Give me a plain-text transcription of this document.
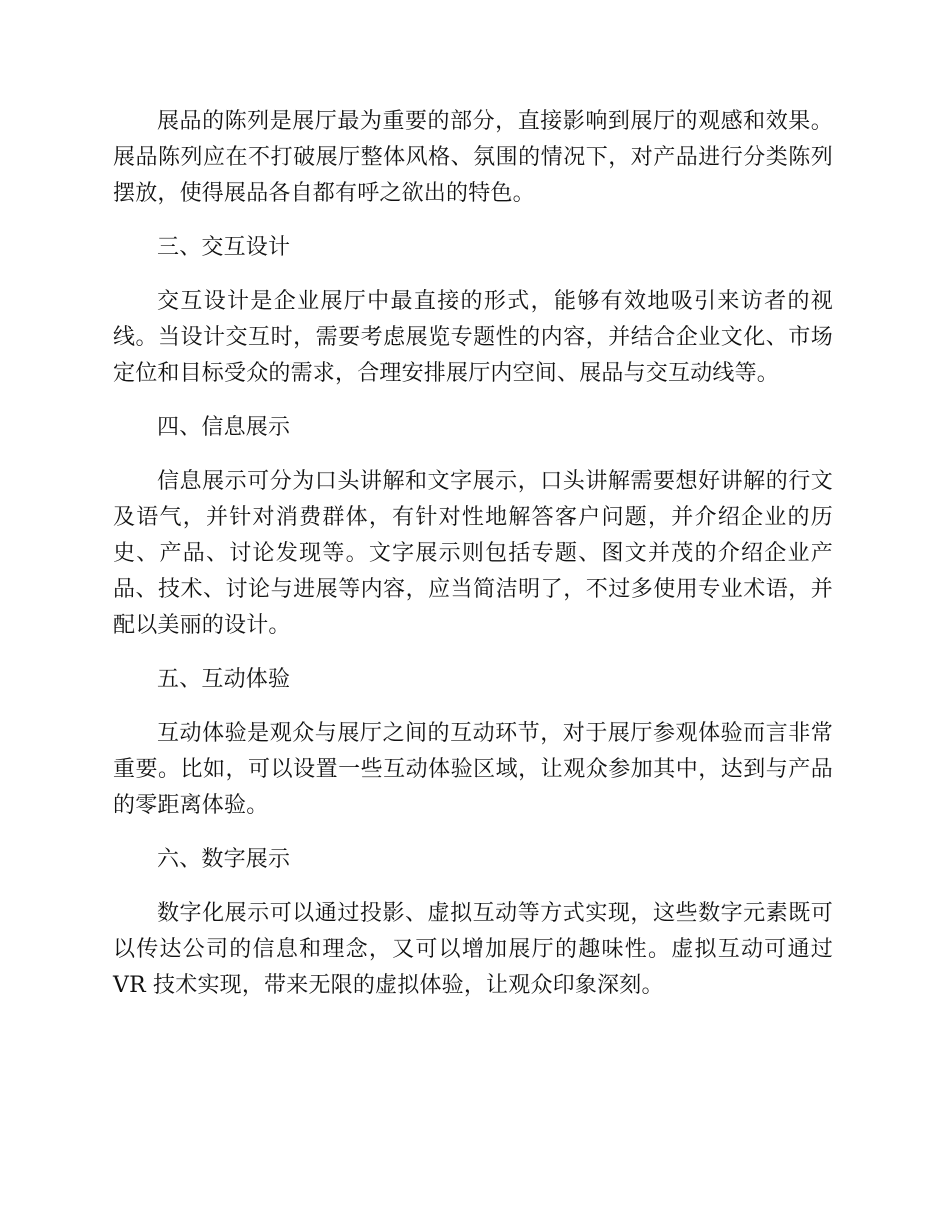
展品的陈列是展厅最为重要的部分，直接影响到展厅的观感和效果。展品陈列应在不打破展厅整体风格、氛围的情况下，对产品进行分类陈列摆放，使得展品各自都有呼之欲出的特色。

三、交互设计

交互设计是企业展厅中最直接的形式，能够有效地吸引来访者的视线。当设计交互时，需要考虑展览专题性的内容，并结合企业文化、市场定位和目标受众的需求，合理安排展厅内空间、展品与交互动线等。

四、信息展示

信息展示可分为口头讲解和文字展示，口头讲解需要想好讲解的行文及语气，并针对消费群体，有针对性地解答客户问题，并介绍企业的历史、产品、讨论发现等。文字展示则包括专题、图文并茂的介绍企业产品、技术、讨论与进展等内容，应当简洁明了，不过多使用专业术语，并配以美丽的设计。

五、互动体验

互动体验是观众与展厅之间的互动环节，对于展厅参观体验而言非常重要。比如，可以设置一些互动体验区域，让观众参加其中，达到与产品的零距离体验。

六、数字展示

数字化展示可以通过投影、虚拟互动等方式实现，这些数字元素既可以传达公司的信息和理念，又可以增加展厅的趣味性。虚拟互动可通过 VR 技术实现，带来无限的虚拟体验，让观众印象深刻。
